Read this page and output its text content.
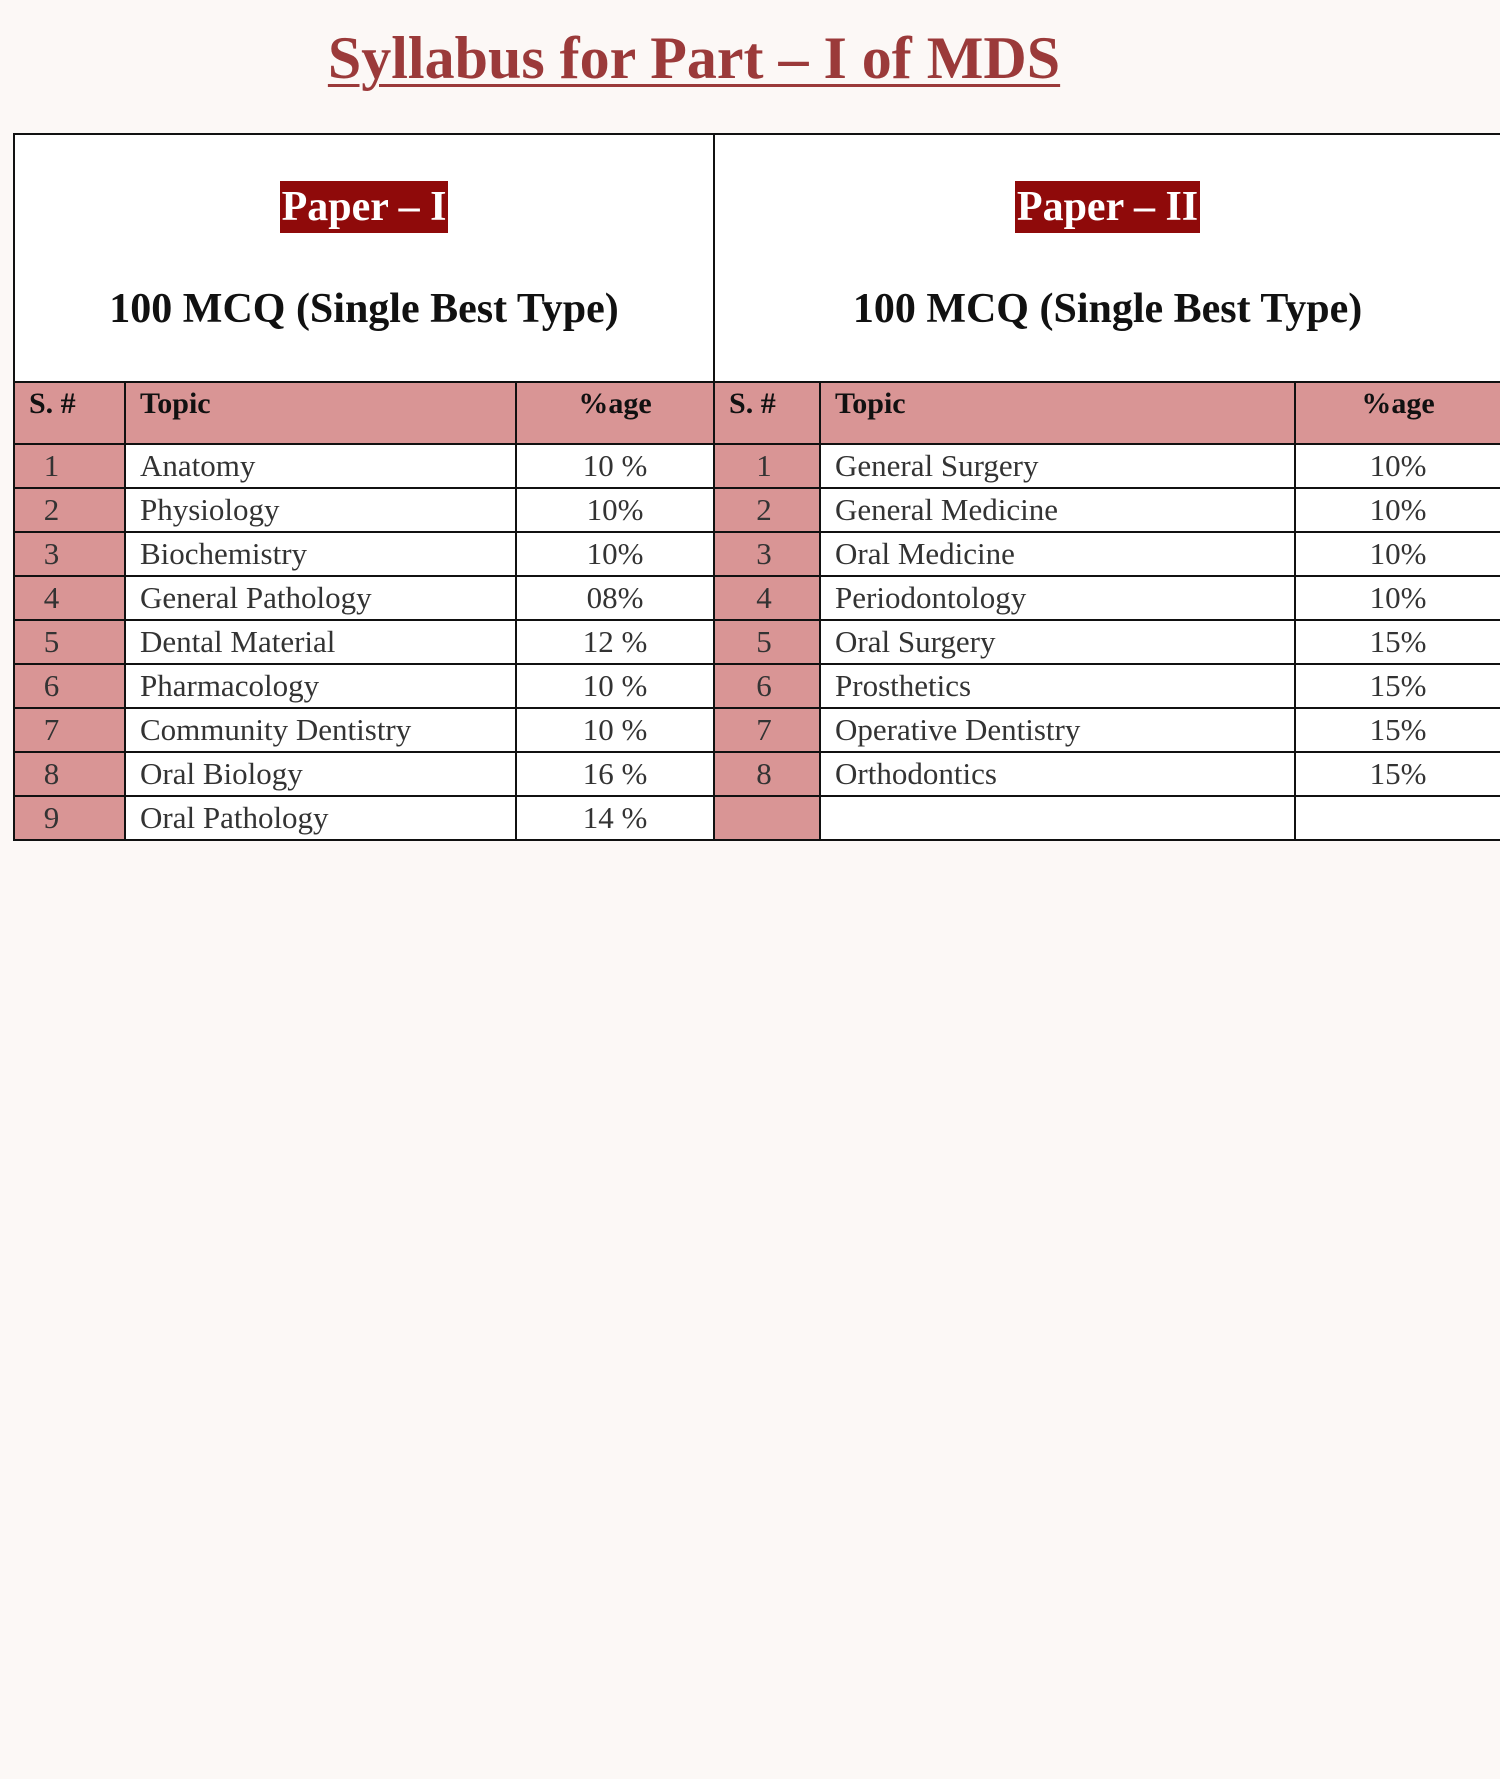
Syllabus for Part – I of MDS
Paper – I
100 MCQ (Single Best Type)			Paper – II
100 MCQ (Single Best Type)		

S. #	Topic	%age	S. #	Topic	%age
1	Anatomy	10 %	1	General Surgery	10%
2	Physiology	10%	2	General Medicine	10%
3	Biochemistry	10%	3	Oral Medicine	10%
4	General Pathology	08%	4	Periodontology	10%
5	Dental Material	12 %	5	Oral Surgery	15%
6	Pharmacology	10 %	6	Prosthetics	15%
7	Community Dentistry	10 %	7	Operative Dentistry	15%
8	Oral Biology	16 %	8	Orthodontics	15%
9	Oral Pathology	14 %			
